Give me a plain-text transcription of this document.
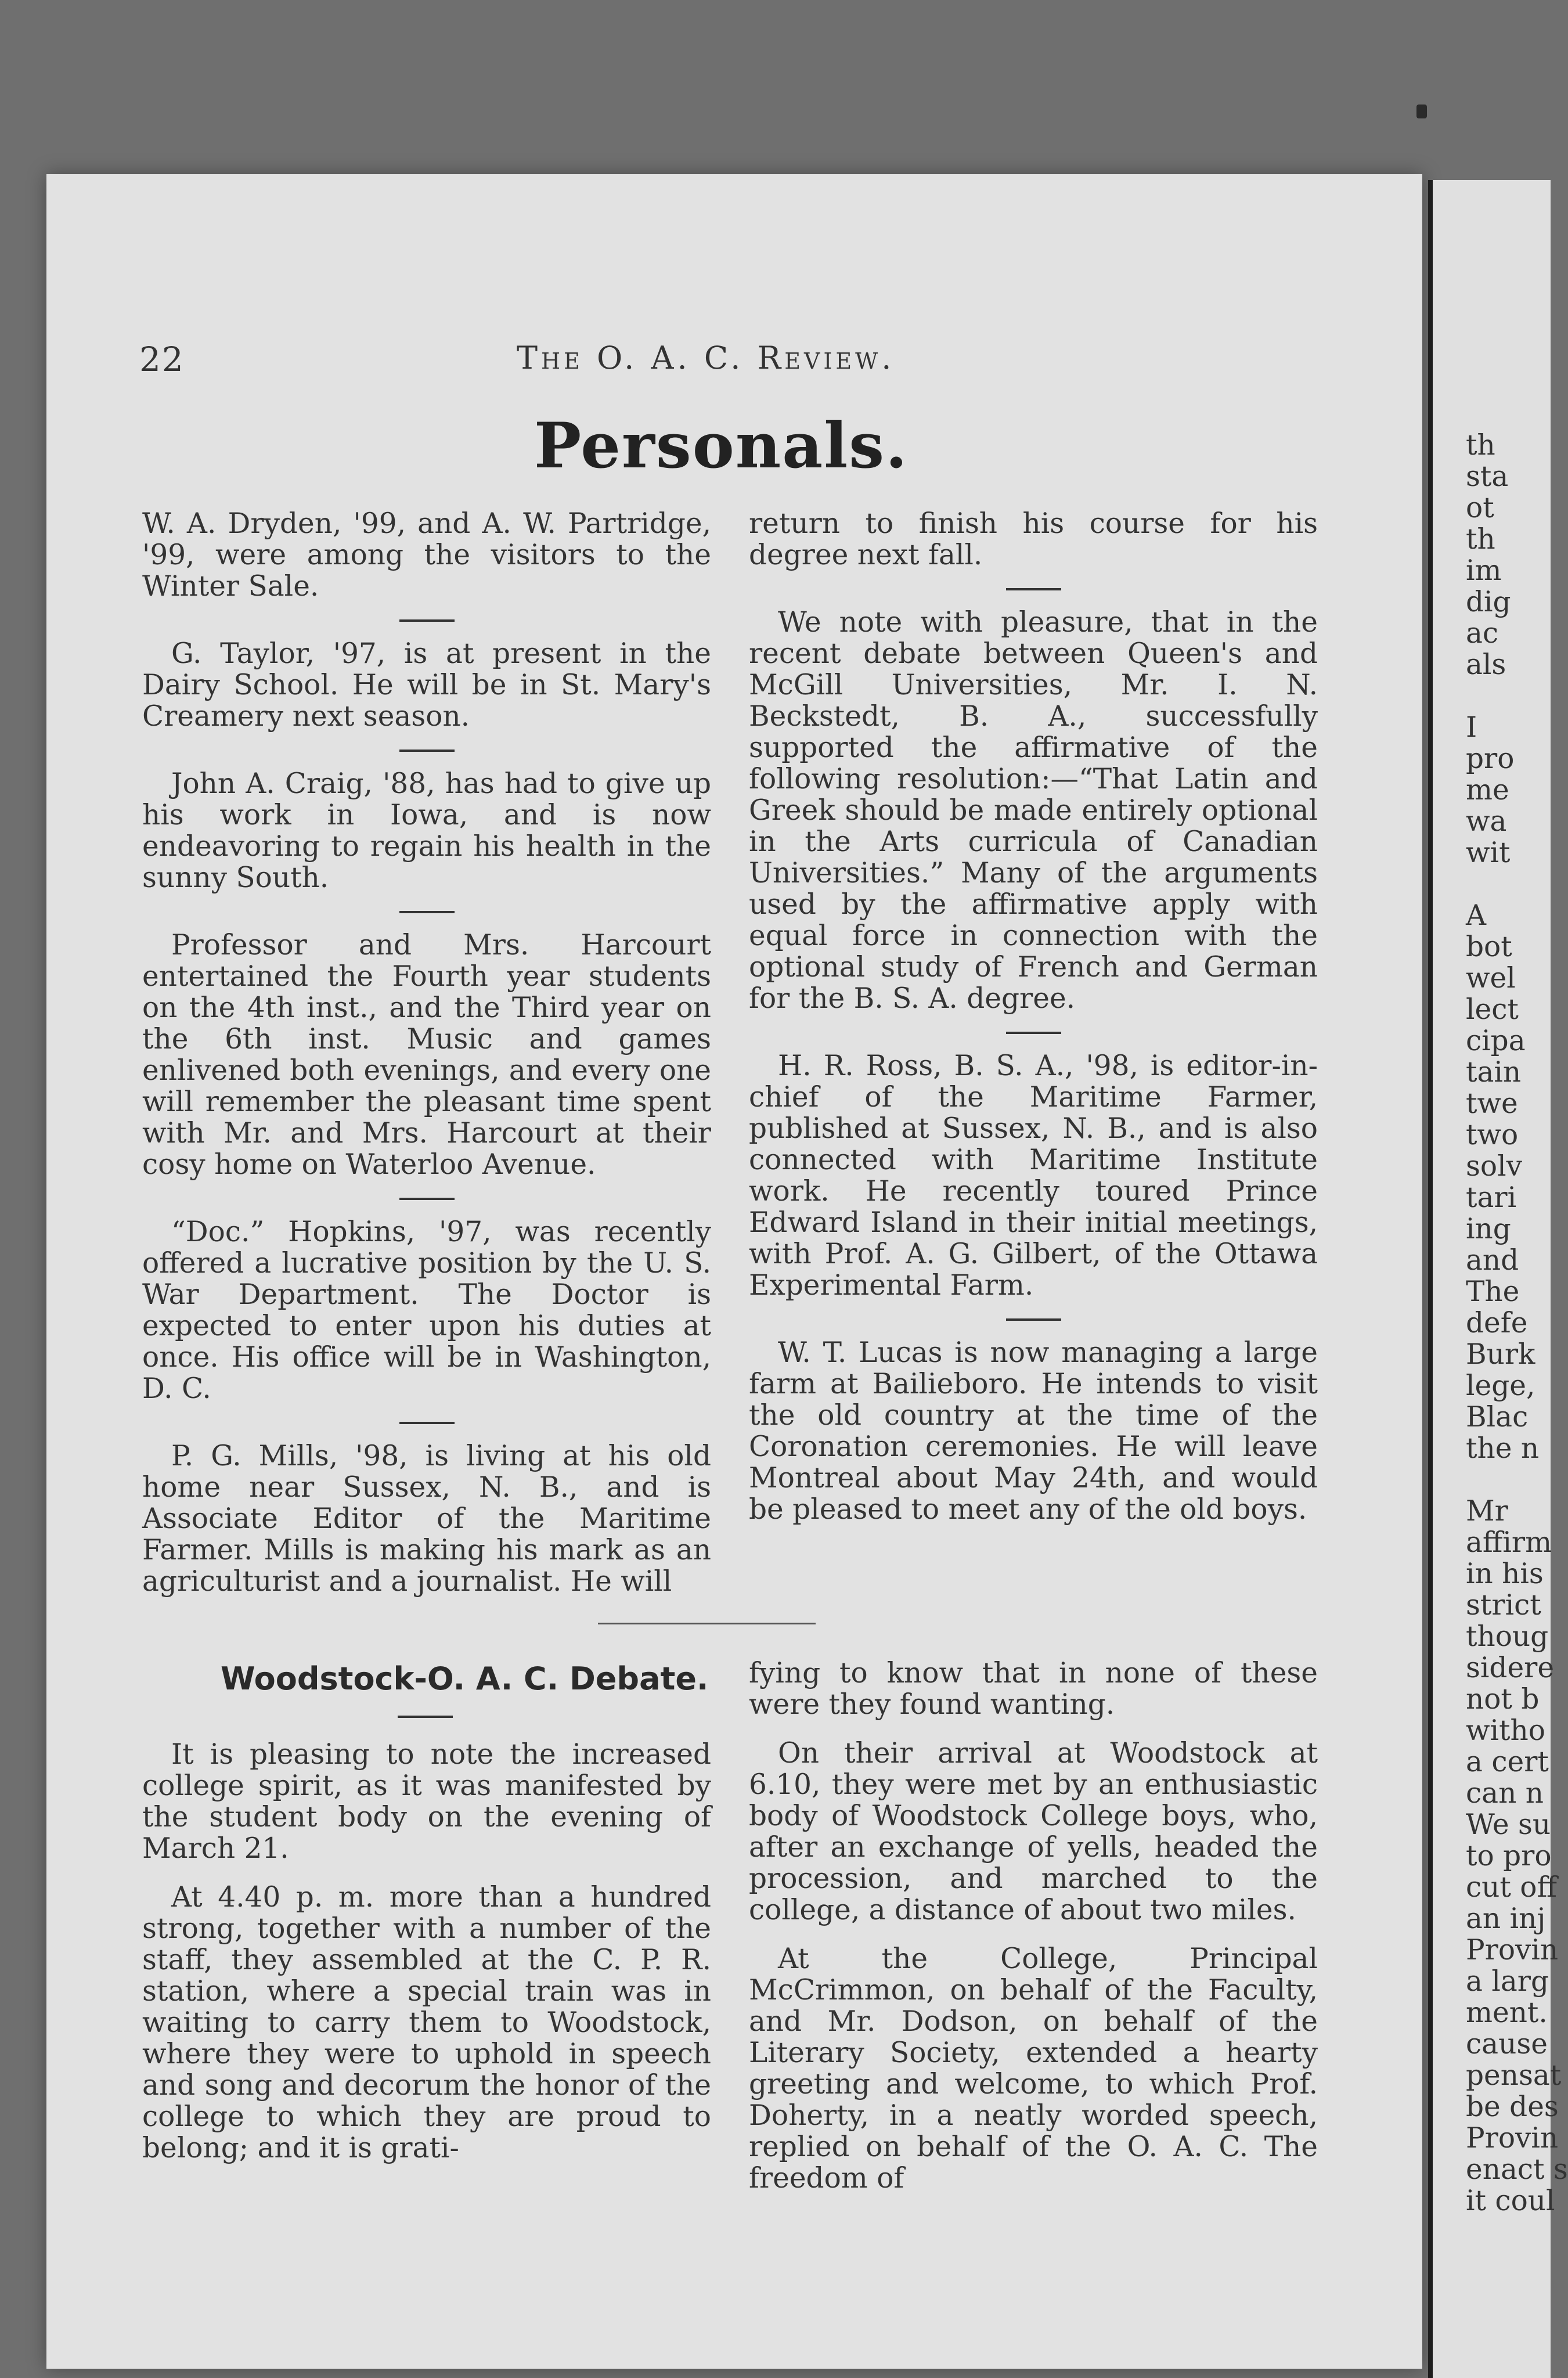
22	The O. A. C. Review.
Personals.

W. A. Dryden, '99, and A. W. Partridge, '99, were among the visitors to the Winter Sale.

G. Taylor, '97, is at present in the Dairy School. He will be in St. Mary's Creamery next season.

John A. Craig, '88, has had to give up his work in Iowa, and is now endeavoring to regain his health in the sunny South.

Professor and Mrs. Harcourt entertained the Fourth year students on the 4th inst., and the Third year on the 6th inst. Music and games enlivened both evenings, and every one will remember the pleasant time spent with Mr. and Mrs. Harcourt at their cosy home on Waterloo Avenue.

“Doc.” Hopkins, '97, was recently offered a lucrative position by the U. S. War Department. The Doctor is expected to enter upon his duties at once. His office will be in Washington, D. C.

P. G. Mills, '98, is living at his old home near Sussex, N. B., and is Associate Editor of the Maritime Farmer. Mills is making his mark as an agriculturist and a journalist. He will

return to finish his course for his degree next fall.

We note with pleasure, that in the recent debate between Queen's and McGill Universities, Mr. I. N. Beckstedt, B. A., successfully supported the affirmative of the following resolution:—“That Latin and Greek should be made entirely optional in the Arts curricula of Canadian Universities.” Many of the arguments used by the affirmative apply with equal force in connection with the optional study of French and German for the B. S. A. degree.

H. R. Ross, B. S. A., '98, is editor-in-chief of the Maritime Farmer, published at Sussex, N. B., and is also connected with Maritime Institute work. He recently toured Prince Edward Island in their initial meetings, with Prof. A. G. Gilbert, of the Ottawa Experimental Farm.

W. T. Lucas is now managing a large farm at Bailieboro. He intends to visit the old country at the time of the Coronation ceremonies. He will leave Montreal about May 24th, and would be pleased to meet any of the old boys.

Woodstock-O. A. C. Debate.

It is pleasing to note the increased college spirit, as it was manifested by the student body on the evening of March 21.

At 4.40 p. m. more than a hundred strong, together with a number of the staff, they assembled at the C. P. R. station, where a special train was in waiting to carry them to Woodstock, where they were to uphold in speech and song and decorum the honor of the college to which they are proud to belong; and it is grati-

fying to know that in none of these were they found wanting.

On their arrival at Woodstock at 6.10, they were met by an enthusiastic body of Woodstock College boys, who, after an exchange of yells, headed the procession, and marched to the college, a distance of about two miles.

At the College, Principal McCrimmon, on behalf of the Faculty, and Mr. Dodson, on behalf of the Literary Society, extended a hearty greeting and welcome, to which Prof. Doherty, in a neatly worded speech, replied on behalf of the O. A. C. The freedom of

th
sta
ot
th
im
dig
ac
als

I
pro
me
wa
wit

A
bot
wel
lect
cipa
tain
twe
two
solv
tari
ing
and
The
defe
Burk
lege,
Blac
the n

Mr
affirm
in his
strict
thoug
sidere
not b
witho
a cert
can n
We su
to pro
cut off
an inj
Provin
a larg
ment.
cause
pensat
be des
Provin
enact s
it coul
